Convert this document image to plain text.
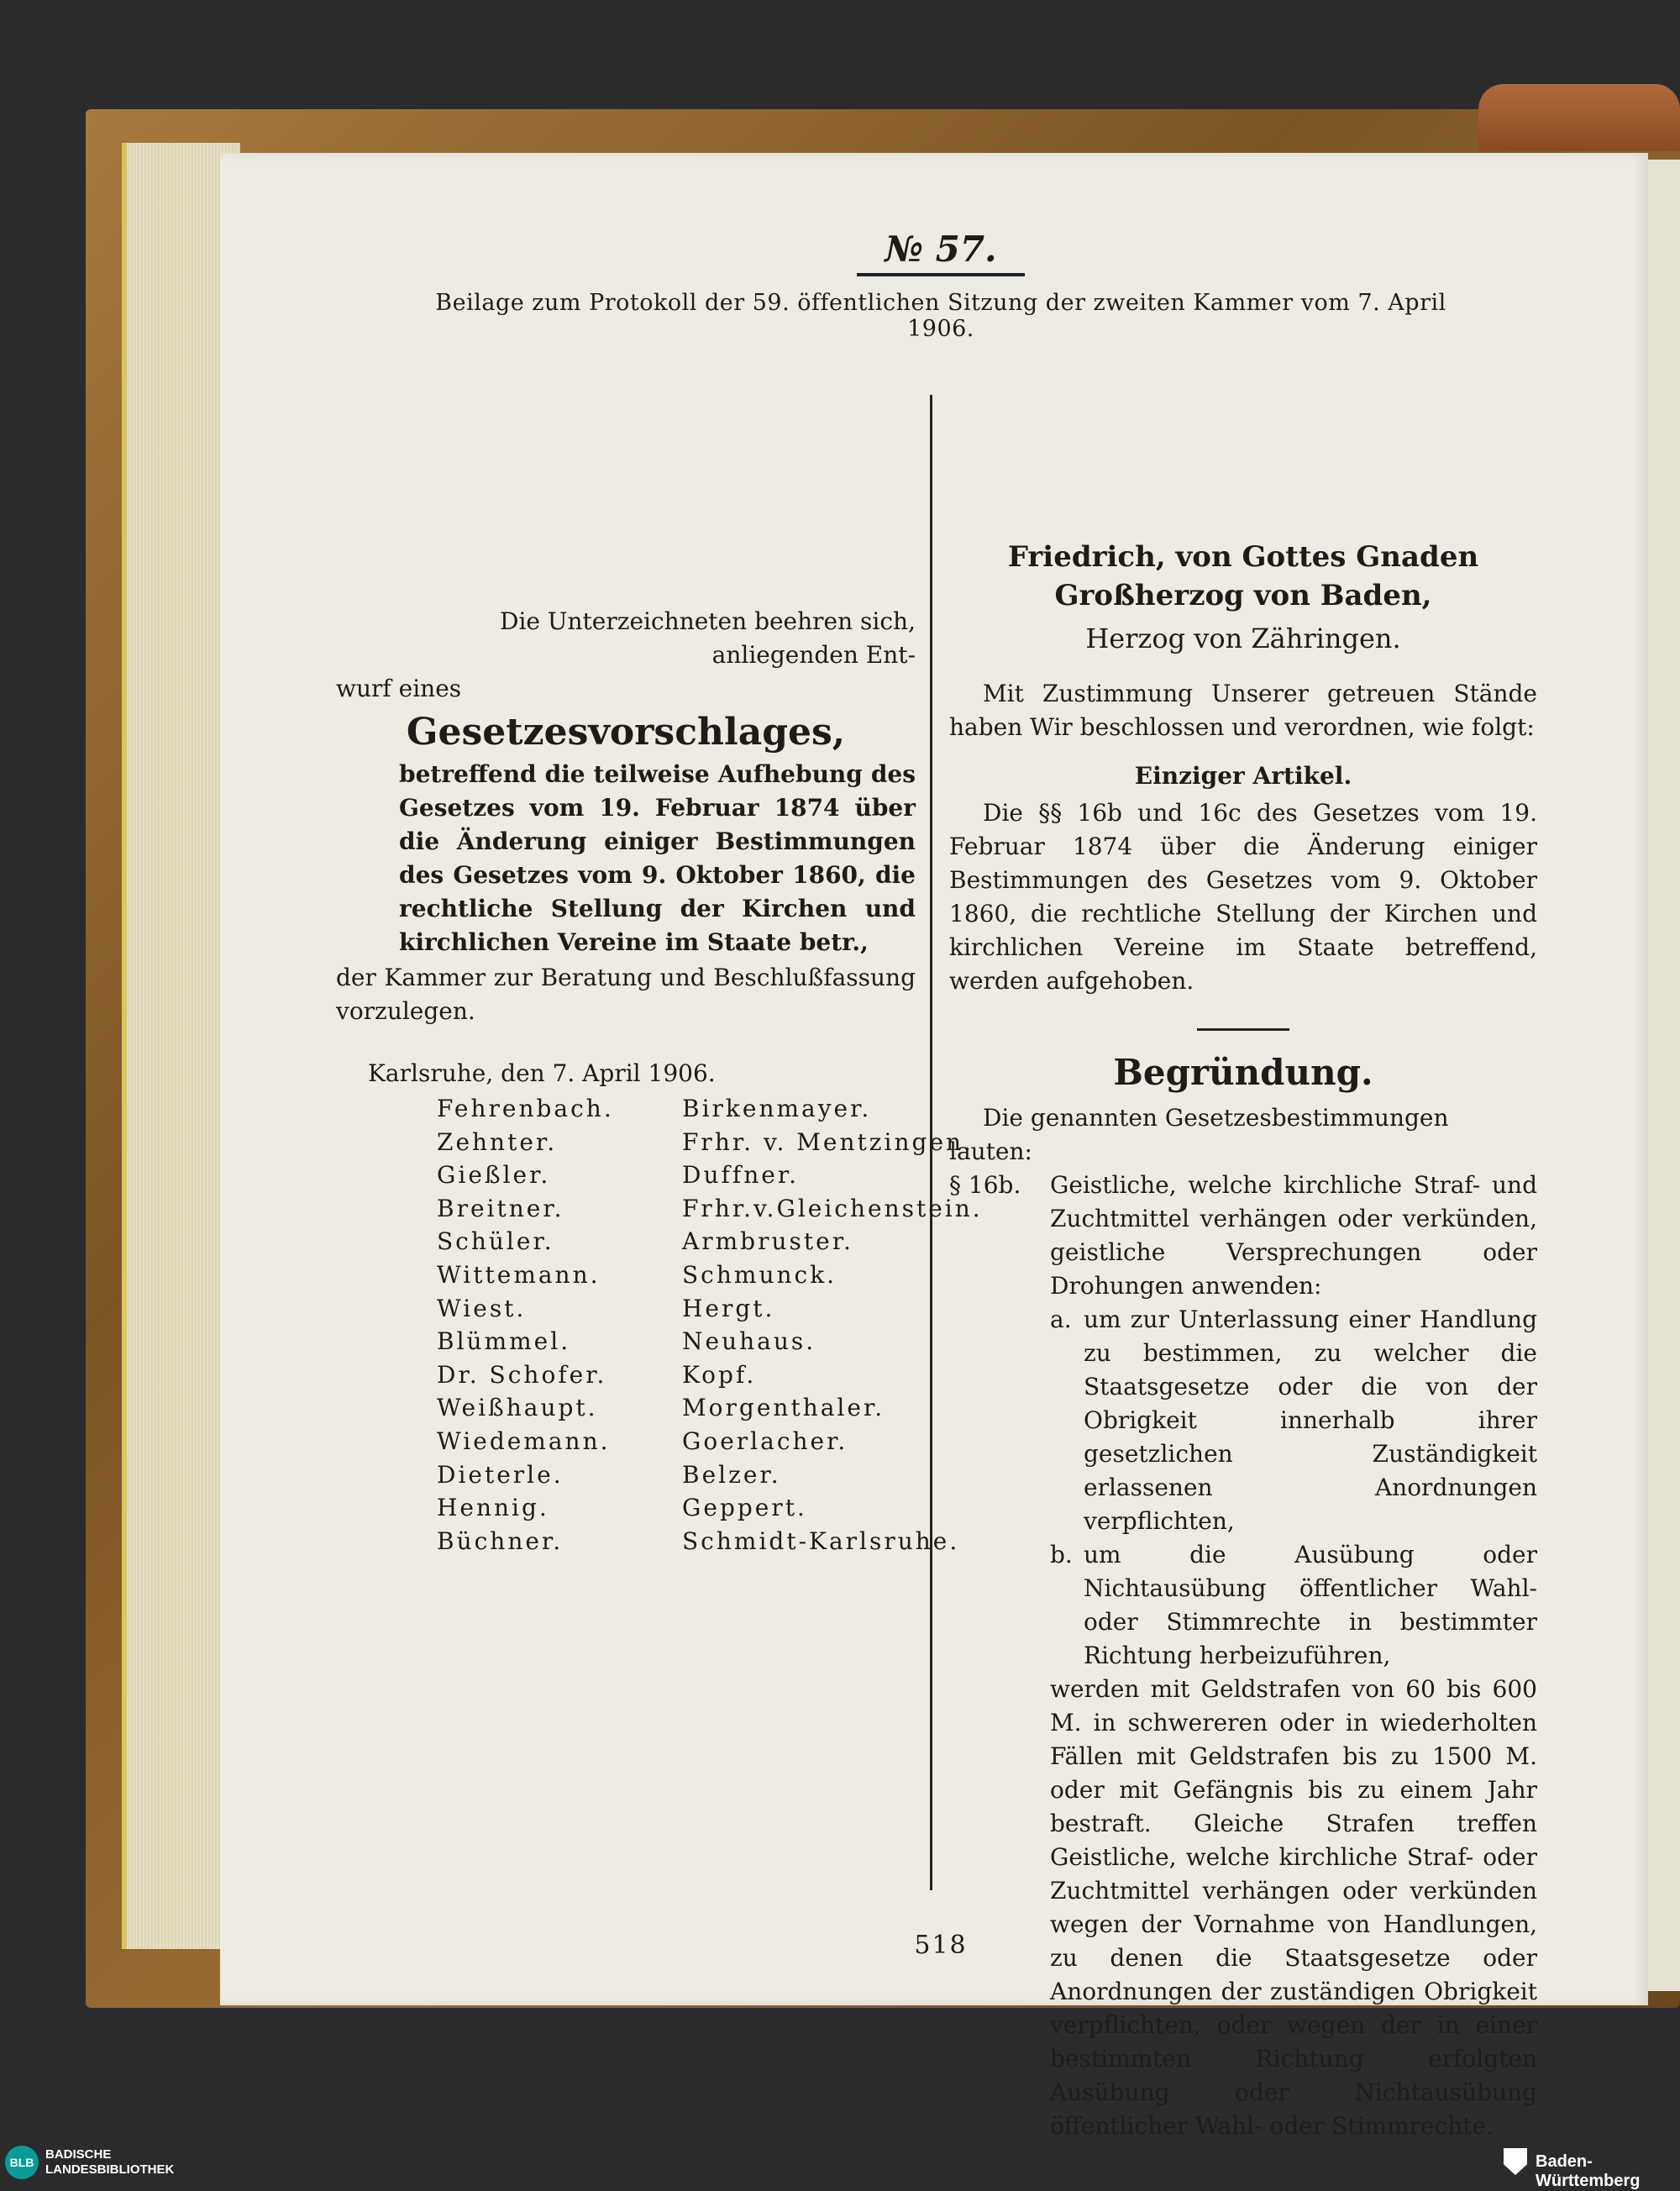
№ 57.
Beilage zum Protokoll der 59. öffentlichen Sitzung der zweiten Kammer vom 7. April 1906.

Die Unterzeichneten beehren sich, anliegenden Ent-

wurf eines

Gesetzesvorschlages,

betreffend die teilweise Aufhebung des Gesetzes vom 19. Februar 1874 über die Änderung einiger Bestimmungen des Gesetzes vom 9. Oktober 1860, die rechtliche Stellung der Kirchen und kirchlichen Vereine im Staate betr.,

der Kammer zur Beratung und Beschlußfassung vorzulegen.

Karlsruhe, den 7. April 1906.

Fehrenbach.
Zehnter.
Gießler.
Breitner.
Schüler.
Wittemann.
Wiest.
Blümmel.
Dr. Schofer.
Weißhaupt.
Wiedemann.
Dieterle.
Hennig.
Büchner.
Birkenmayer.
Frhr. v. Mentzingen.
Duffner.
Frhr.v.Gleichenstein.
Armbruster.
Schmunck.
Hergt.
Neuhaus.
Kopf.
Morgenthaler.
Goerlacher.
Belzer.
Geppert.
Schmidt-Karlsruhe.
Friedrich, von Gottes Gnaden Großherzog von Baden,
Herzog von Zähringen.

Mit Zustimmung Unserer getreuen Stände haben Wir beschlossen und verordnen, wie folgt:

Einziger Artikel.

Die §§ 16b und 16c des Gesetzes vom 19. Februar 1874 über die Änderung einiger Bestimmungen des Gesetzes vom 9. Oktober 1860, die rechtliche Stellung der Kirchen und kirchlichen Vereine im Staate betreffend, werden aufgehoben.

Begründung.

Die genannten Gesetzesbestimmungen lauten:

§ 16b.	Geistliche, welche kirchliche Straf- und Zuchtmittel verhängen oder verkünden, geistliche Versprechungen oder Drohungen anwenden:

a. um zur Unterlassung einer Handlung zu bestimmen, zu welcher die Staatsgesetze oder die von der Obrigkeit innerhalb ihrer gesetzlichen Zuständigkeit erlassenen Anordnungen verpflichten,

b. um die Ausübung oder Nichtausübung öffentlicher Wahl- oder Stimmrechte in bestimmter Richtung herbeizuführen,

werden mit Geldstrafen von 60 bis 600 M. in schwereren oder in wiederholten Fällen mit Geldstrafen bis zu 1500 M. oder mit Gefängnis bis zu einem Jahr bestraft. Gleiche Strafen treffen Geistliche, welche kirchliche Straf- oder Zuchtmittel verhängen oder verkünden wegen der Vornahme von Handlungen, zu denen die Staatsgesetze oder Anordnungen der zuständigen Obrigkeit verpflichten, oder wegen der in einer bestimmten Richtung erfolgten Ausübung oder Nichtausübung öffentlicher Wahl- oder Stimmrechte.

518
BLB
BADISCHE
LANDESBIBLIOTHEK	Baden-Württemberg
